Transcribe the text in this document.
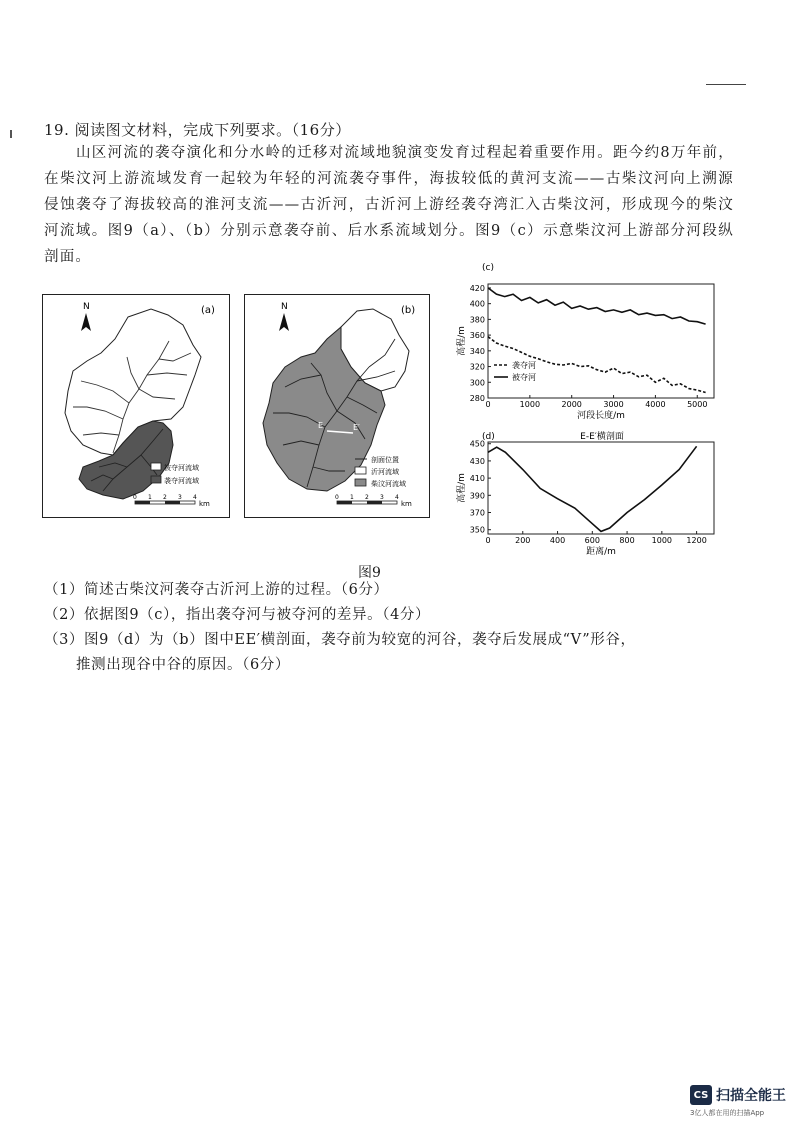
19. 阅读图文材料，完成下列要求。（16分）
山区河流的袭夺演化和分水岭的迁移对流域地貌演变发育过程起着重要作用。距今约8万年前，在柴汶河上游流域发育一起较为年轻的河流袭夺事件，海拔较低的黄河支流——古柴汶河向上溯源侵蚀袭夺了海拔较高的淮河支流——古沂河，古沂河上游经袭夺湾汇入古柴汶河，形成现今的柴汶河流域。图9（a）、（b）分别示意袭夺前、后水系流域划分。图9（c）示意柴汶河上游部分河段纵剖面。
N	(a)
被夺河流域
袭夺河流域
0 1 2 3 4
km
N	(b)
E	E′
剖面位置
沂河流域
柴汶河流域
0 1 2 3 4
km
0	1000	2000	3000	4000	5000
280
300
320
340
360
380
400
420
高程/m
河段长度/m
(c)
袭夺河
被夺河
0	200 400 600 800 1000 1200
350
370
390
410
430
450
高程/m
距离/m
(d)	E-E′横剖面
图9
（1）简述古柴汶河袭夺古沂河上游的过程。（6分）
（2）依据图9（c），指出袭夺河与被夺河的差异。（4分）
（3）图9（d）为（b）图中EE′横剖面，袭夺前为较宽的河谷，袭夺后发展成“V”形谷，
推测出现谷中谷的原因。（6分）
CS 扫描全能王
3亿人都在用的扫描App
